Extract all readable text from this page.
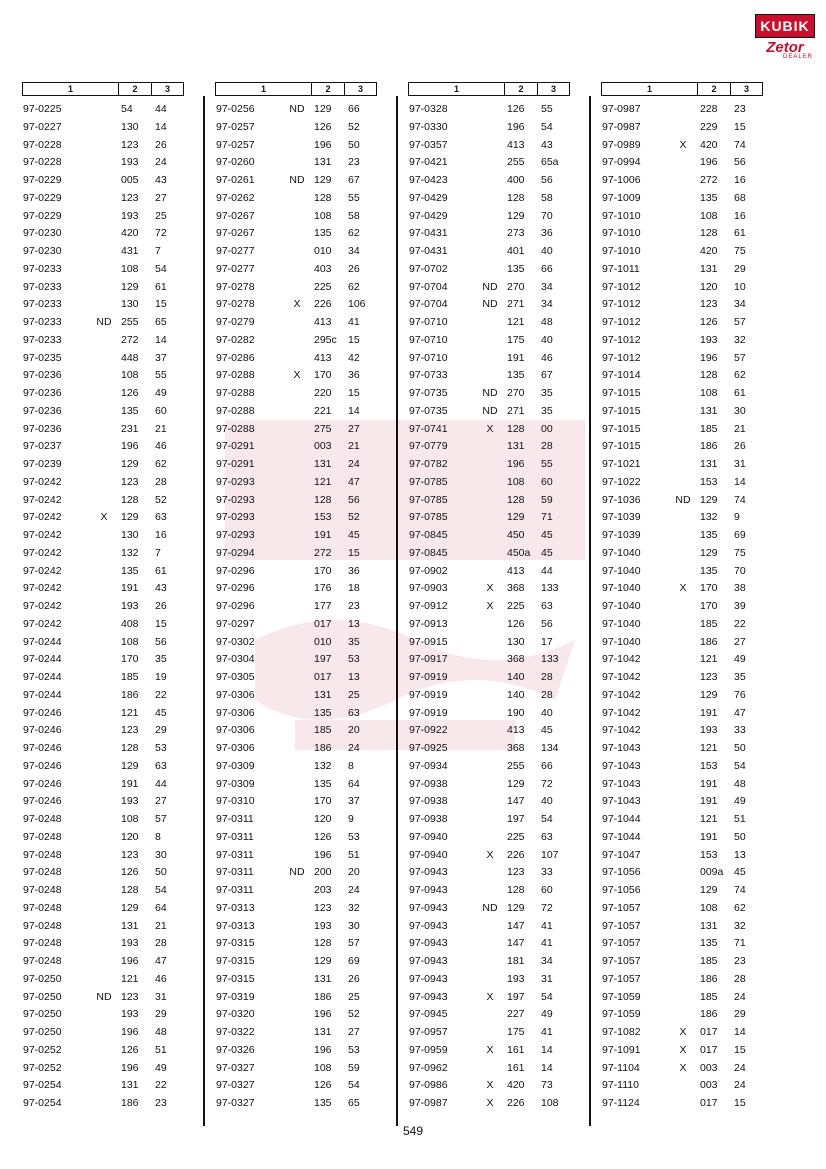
KUBIK
Zetor
DEALER
1	2	3
97-0225	54	44
97-0227	130	14
97-0228	123	26
97-0228	193	24
97-0229	005	43
97-0229	123	27
97-0229	193	25
97-0230	420	72
97-0230	431	7
97-0233	108	54
97-0233	129	61
97-0233	130	15
97-0233	ND 255	65
97-0233	272	14
97-0235	448	37
97-0236	108	55
97-0236	126	49
97-0236	135	60
97-0236	231	21
97-0237	196	46
97-0239	129	62
97-0242	123	28
97-0242	128	52
97-0242	X	129	63
97-0242	130	16
97-0242	132	7
97-0242	135	61
97-0242	191	43
97-0242	193	26
97-0242	408	15
97-0244	108	56
97-0244	170	35
97-0244	185	19
97-0244	186	22
97-0246	121	45
97-0246	123	29
97-0246	128	53
97-0246	129	63
97-0246	191	44
97-0246	193	27
97-0248	108	57
97-0248	120	8
97-0248	123	30
97-0248	126	50
97-0248	128	54
97-0248	129	64
97-0248	131	21
97-0248	193	28
97-0248	196	47
97-0250	121	46
97-0250	ND 123	31
97-0250	193	29
97-0250	196	48
97-0252	126	51
97-0252	196	49
97-0254	131	22
97-0254	186	23
1	2	3
97-0256	ND 129	66
97-0257	126	52
97-0257	196	50
97-0260	131	23
97-0261	ND 129	67
97-0262	128	55
97-0267	108	58
97-0267	135	62
97-0277	010	34
97-0277	403	26
97-0278	225	62
97-0278	X	226	106
97-0279	413	41
97-0282	295c	15
97-0286	413	42
97-0288	X	170	36
97-0288	220	15
97-0288	221	14
97-0288	275	27
97-0291	003	21
97-0291	131	24
97-0293	121	47
97-0293	128	56
97-0293	153	52
97-0293	191	45
97-0294	272	15
97-0296	170	36
97-0296	176	18
97-0296	177	23
97-0297	017	13
97-0302	010	35
97-0304	197	53
97-0305	017	13
97-0306	131	25
97-0306	135	63
97-0306	185	20
97-0306	186	24
97-0309	132	8
97-0309	135	64
97-0310	170	37
97-0311	120	9
97-0311	126	53
97-0311	196	51
97-0311	ND 200	20
97-0311	203	24
97-0313	123	32
97-0313	193	30
97-0315	128	57
97-0315	129	69
97-0315	131	26
97-0319	186	25
97-0320	196	52
97-0322	131	27
97-0326	196	53
97-0327	108	59
97-0327	126	54
97-0327	135	65
1	2	3
97-0328	126	55
97-0330	196	54
97-0357	413	43
97-0421	255	65a
97-0423	400	56
97-0429	128	58
97-0429	129	70
97-0431	273	36
97-0431	401	40
97-0702	135	66
97-0704	ND 270	34
97-0704	ND 271	34
97-0710	121	48
97-0710	175	40
97-0710	191	46
97-0733	135	67
97-0735	ND 270	35
97-0735	ND 271	35
97-0741	X	128	00
97-0779	131	28
97-0782	196	55
97-0785	108	60
97-0785	128	59
97-0785	129	71
97-0845	450	45
97-0845	450a	45
97-0902	413	44
97-0903	X	368	133
97-0912	X	225	63
97-0913	126	56
97-0915	130	17
97-0917	368	133
97-0919	140	28
97-0919	140	28
97-0919	190	40
97-0922	413	45
97-0925	368	134
97-0934	255	66
97-0938	129	72
97-0938	147	40
97-0938	197	54
97-0940	225	63
97-0940	X	226	107
97-0943	123	33
97-0943	128	60
97-0943	ND 129	72
97-0943	147	41
97-0943	147	41
97-0943	181	34
97-0943	193	31
97-0943	X	197	54
97-0945	227	49
97-0957	175	41
97-0959	X	161	14
97-0962	161	14
97-0986	X	420	73
97-0987	X	226	108
1	2	3
97-0987	228	23
97-0987	229	15
97-0989	X	420	74
97-0994	196	56
97-1006	272	16
97-1009	135	68
97-1010	108	16
97-1010	128	61
97-1010	420	75
97-1011	131	29
97-1012	120	10
97-1012	123	34
97-1012	126	57
97-1012	193	32
97-1012	196	57
97-1014	128	62
97-1015	108	61
97-1015	131	30
97-1015	185	21
97-1015	186	26
97-1021	131	31
97-1022	153	14
97-1036	ND 129	74
97-1039	132	9
97-1039	135	69
97-1040	129	75
97-1040	135	70
97-1040	X	170	38
97-1040	170	39
97-1040	185	22
97-1040	186	27
97-1042	121	49
97-1042	123	35
97-1042	129	76
97-1042	191	47
97-1042	193	33
97-1043	121	50
97-1043	153	54
97-1043	191	48
97-1043	191	49
97-1044	121	51
97-1044	191	50
97-1047	153	13
97-1056	009a	45
97-1056	129	74
97-1057	108	62
97-1057	131	32
97-1057	135	71
97-1057	185	23
97-1057	186	28
97-1059	185	24
97-1059	186	29
97-1082	X	017	14
97-1091	X	017	15
97-1104	X	003	24
97-1110	003	24
97-1124	017	15
549
